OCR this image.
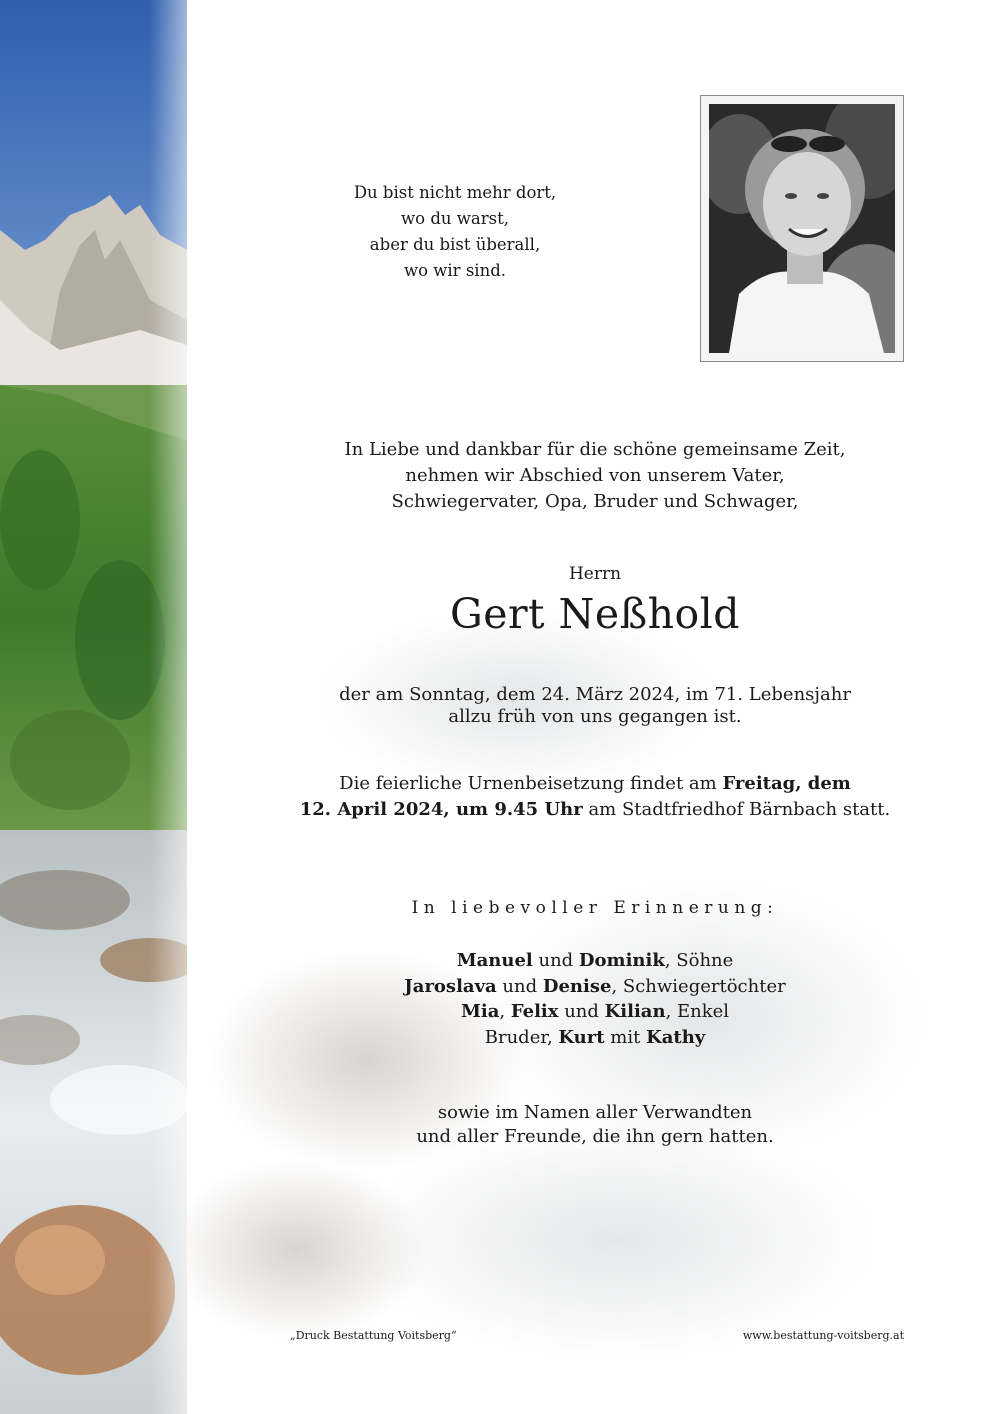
Du bist nicht mehr dort,
wo du warst,
aber du bist überall,
wo wir sind.
In Liebe und dankbar für die schöne gemeinsame Zeit,
nehmen wir Abschied von unserem Vater,
Schwiegervater, Opa, Bruder und Schwager,
Herrn
Gert Neßhold
der am Sonntag, dem 24. März 2024, im 71. Lebensjahr
allzu früh von uns gegangen ist.
Die feierliche Urnenbeisetzung findet am Freitag, dem
12. April 2024, um 9.45 Uhr am Stadtfriedhof Bärnbach statt.
In liebevoller Erinnerung:
Manuel und Dominik, Söhne
Jaroslava und Denise, Schwiegertöchter
Mia, Felix und Kilian, Enkel
Bruder, Kurt mit Kathy
sowie im Namen aller Verwandten
und aller Freunde, die ihn gern hatten.
„Druck Bestattung Voitsberg“	www.bestattung-voitsberg.at
